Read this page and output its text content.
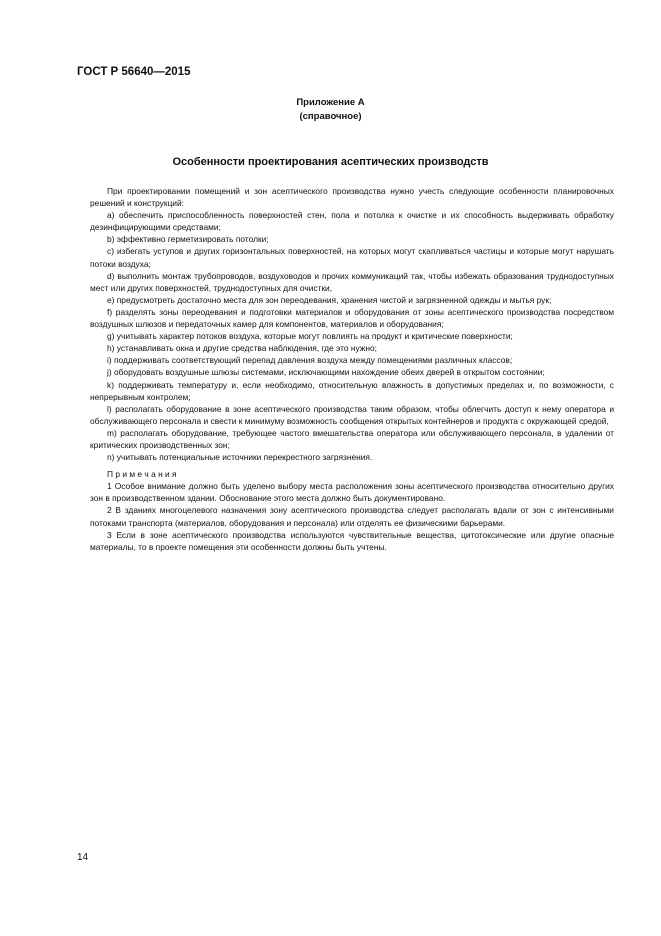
ГОСТ Р 56640—2015
Приложение А
(справочное)
Особенности проектирования асептических производств

При проектировании помещений и зон асептического производства нужно учесть следующие особенности планировочных решений и конструкций:

а) обеспечить приспособленность поверхностей стен, пола и потолка к очистке и их способность выдерживать обработку дезинфицирующими средствами;

b) эффективно герметизировать потолки;

c) избегать уступов и других горизонтальных поверхностей, на которых могут скапливаться частицы и которые могут нарушать потоки воздуха;

d) выполнить монтаж трубопроводов, воздуховодов и прочих коммуникаций так, чтобы избежать образования труднодоступных мест или других поверхностей, труднодоступных для очистки,

e) предусмотреть достаточно места для зон переодевания, хранения чистой и загрязненной одежды и мытья рук;

f) разделять зоны переодевания и подготовки материалов и оборудования от зоны асептического производства посредством воздушных шлюзов и передаточных камер для компонентов, материалов и оборудования;

g) учитывать характер потоков воздуха, которые могут повлиять на продукт и критические поверхности;

h) устанавливать окна и другие средства наблюдения, где это нужно;

i) поддерживать соответствующий перепад давления воздуха между помещениями различных классов;

j) оборудовать воздушные шлюзы системами, исключающими нахождение обеих дверей в открытом состоянии;

k) поддерживать температуру и, если необходимо, относительную влажность в допустимых пределах и, по возможности, с непрерывным контролем;

l) располагать оборудование в зоне асептического производства таким образом, чтобы облегчить доступ к нему оператора и обслуживающего персонала и свести к минимуму возможность сообщения открытых контейнеров и продукта с окружающей средой,

m) располагать оборудование, требующее частого вмешательства оператора или обслуживающего персонала, в удалении от критических производственных зон;

n) учитывать потенциальные источники перекрестного загрязнения.

П р и м е ч а н и я

1 Особое внимание должно быть уделено выбору места расположения зоны асептического производства относительно других зон в производственном здании. Обоснование этого места должно быть документировано.

2 В зданиях многоцелевого назначения зону асептического производства следует располагать вдали от зон с интенсивными потоками транспорта (материалов, оборудования и персонала) или отделять ее физическими барьерами.

3 Если в зоне асептического производства используются чувствительные вещества, цитотоксические или другие опасные материалы, то в проекте помещения эти особенности должны быть учтены.

14
